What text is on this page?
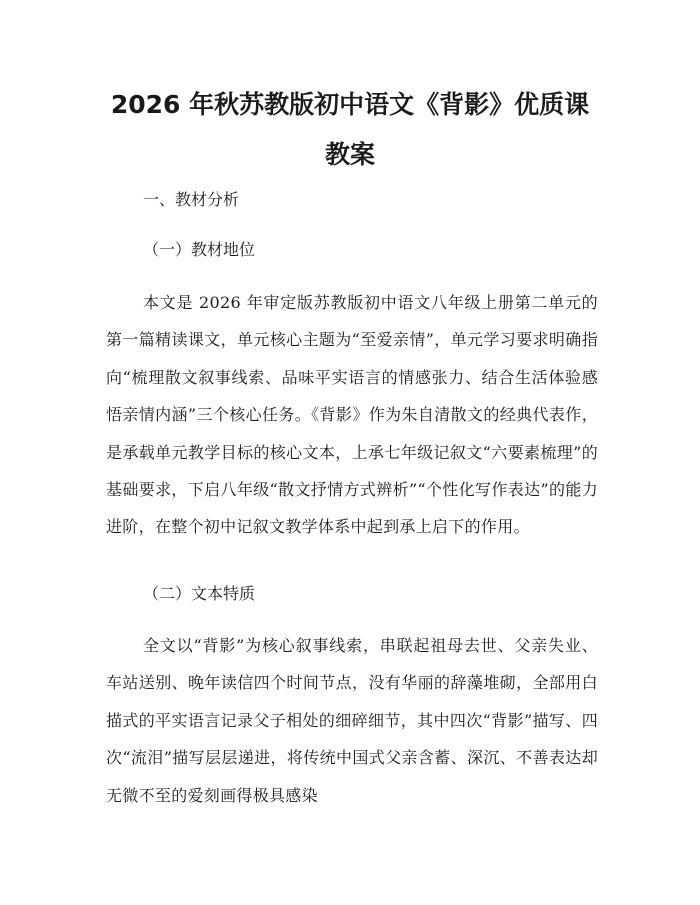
2026 年秋苏教版初中语文《背影》优质课教案

一、教材分析

（一）教材地位

本文是 2026 年审定版苏教版初中语文八年级上册第二单元的第一篇精读课文，单元核心主题为“至爱亲情”，单元学习要求明确指向“梳理散文叙事线索、品味平实语言的情感张力、结合生活体验感悟亲情内涵”三个核心任务。《背影》作为朱自清散文的经典代表作，是承载单元教学目标的核心文本，上承七年级记叙文“六要素梳理”的基础要求，下启八年级“散文抒情方式辨析”“个性化写作表达”的能力进阶，在整个初中记叙文教学体系中起到承上启下的作用。

（二）文本特质

全文以“背影”为核心叙事线索，串联起祖母去世、父亲失业、车站送别、晚年读信四个时间节点，没有华丽的辞藻堆砌，全部用白描式的平实语言记录父子相处的细碎细节，其中四次“背影”描写、四次“流泪”描写层层递进，将传统中国式父亲含蓄、深沉、不善表达却无微不至的爱刻画得极具感染
